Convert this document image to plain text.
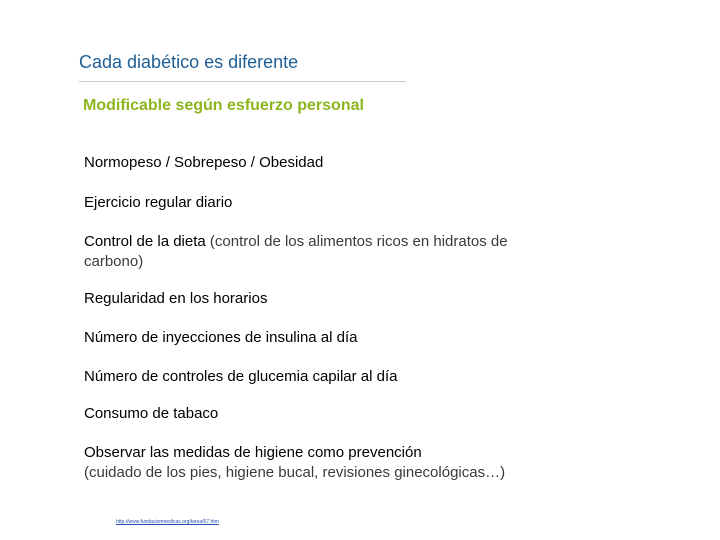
Cada diabético es diferente
Modificable según esfuerzo personal
Normopeso / Sobrepeso / Obesidad
Ejercicio regular diario
Control de la dieta (control de los alimentos ricos en hidratos de carbono)
Regularidad en los horarios
Número de inyecciones de insulina al día
Número de controles de glucemia capilar al día
Consumo de tabaco
Observar las medidas de higiene como prevención
(cuidado de los pies, higiene bucal, revisiones ginecológicas…)
http://www.fundacionmedicas.org/tarea/67.htm
